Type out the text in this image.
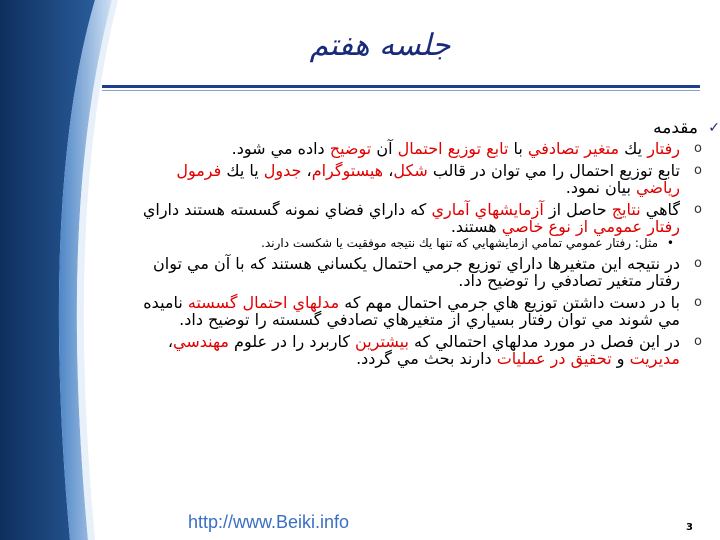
جلسه هفتم
✓
مقدمه
o
رفتار يك متغير تصادفي با تابع توزيع احتمال آن توضيح داده مي شود.
o
تابع توزيع احتمال را مي توان در قالب شكل، هيستوگرام، جدول يا يك فرمول رياضي بيان نمود.
o
گاهي نتايج حاصل از آزمايشهاي آماري كه داراي فضاي نمونه گسسته هستند داراي رفتار عمومي از نوع خاصي هستند.
•
مثل: رفتار عمومي تمامي ازمايشهايي كه تنها يك نتيجه موفقيت يا شكست دارند.
o
در نتيجه اين متغيرها داراي توزيع جرمي احتمال يكساني هستند كه با آن مي توان رفتار متغير تصادفي را توضيح داد.
o
با در دست داشتن توزيع هاي جرمي احتمال مهم كه مدلهاي احتمال گسسته ناميده مي شوند مي توان رفتار بسياري از متغيرهاي تصادفي گسسته را توضيح داد.
o
در اين فصل در مورد مدلهاي احتمالي كه بيشترين كاربرد را در علوم مهندسي، مديريت و تحقيق در عمليات دارند بحث مي گردد.
http://www.Beiki.info	3
